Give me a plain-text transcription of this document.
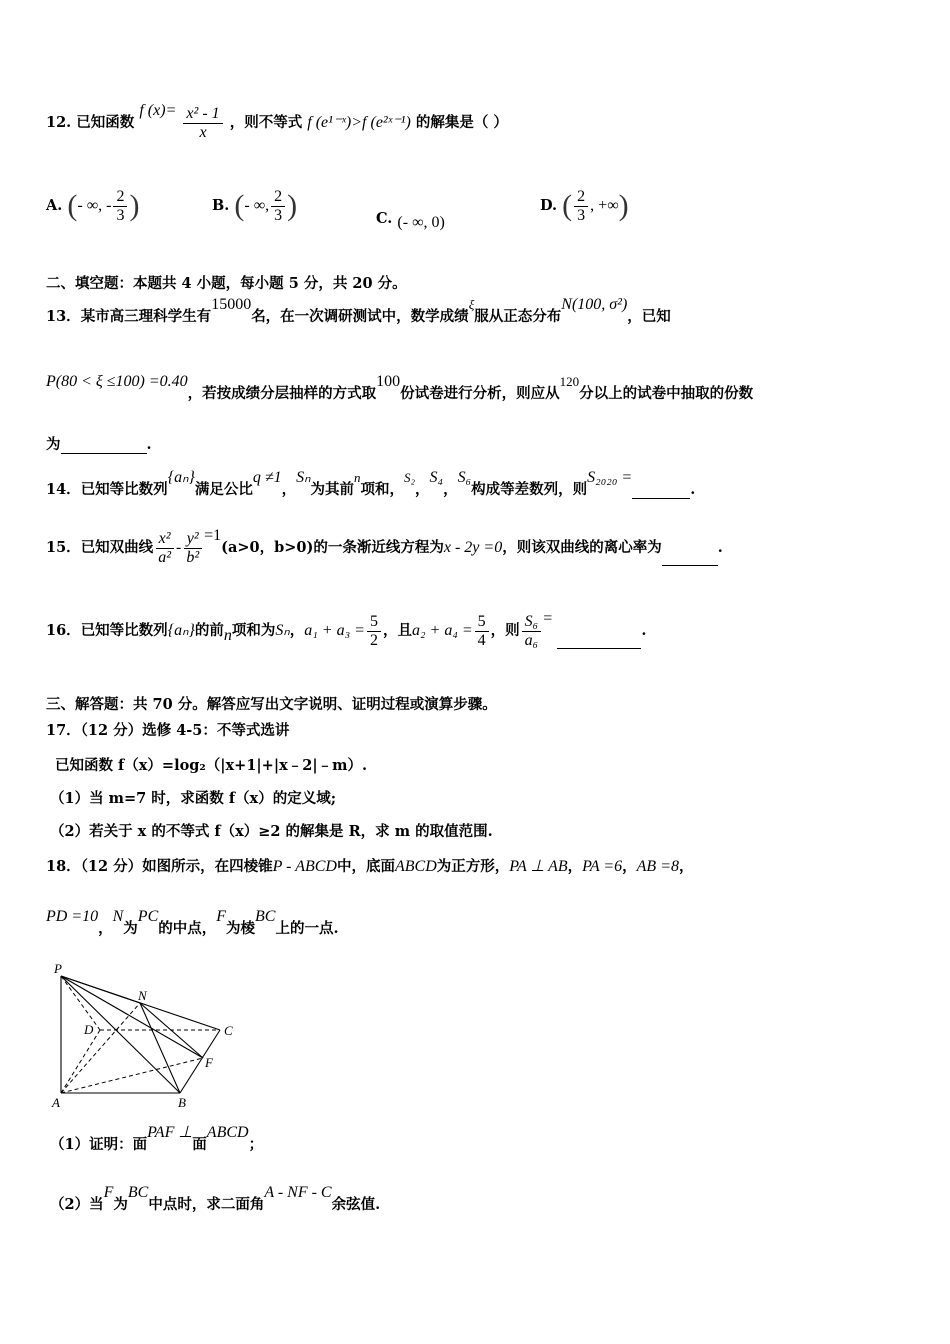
12. 已知函数 f $(x)= \frac{\text{x² - 1}}{x}$ ，则不等式 f (e¹⁻ˣ)>f (e²ˣ⁻¹) 的解集是（ ）
A. (- ∞, - $\frac{2}{3}$ )	B. (- ∞, $\frac{2}{3}$ )	C. (- ∞, 0)
D. ( $\frac{2}{3}$ , +∞)
二、填空题：本题共 4 小题，每小题 5 分，共 20 分。
13．某市高三理科学生有15000名，在一次调研测试中，数学成绩ξ服从正态分布N(100, σ²)，已知
P(80 < ξ ≤100) =0.40，若按成绩分层抽样的方式取100份试卷进行分析，则应从120分以上的试卷中抽取的份数
为	.
14．已知等比数列{aₙ}满足公比q ≠1，Sₙ为其前n项和，S₂，S₄，S₆构成等差数列，则S₂₀₂₀ =.
15．已知双曲线 $\frac{\text{x²}}{\text{a²}} - \frac{\text{y²}}{\text{b²}} =1(a>0$，b>0)的一条渐近线方程为x - 2y =0，则该双曲线的离心率为	.
16．已知等比数列{aₙ}的前n项和为Sₙ，$a_1 + a_3 = \frac{5}{2}$ ，且$a_2 + a_4 = \frac{5}{4}$ ，则 $\frac{\text{S₆}}{\text{a₆}}$ = .
三、解答题：共 70 分。解答应写出文字说明、证明过程或演算步骤。
17．（12 分）选修 4-5：不等式选讲
已知函数 f（x）=log₂（|x+1|+|x﹣2|﹣m）.
（1）当 m=7 时，求函数 f（x）的定义域;
（2）若关于 x 的不等式 f（x）≥2 的解集是 R，求 m 的取值范围.
18．（12 分）如图所示，在四棱锥P - ABCD中，底面ABCD为正方形，PA ⊥ AB，PA =6，AB =8，
PD =10，N为PC的中点，F为棱BC上的一点.
P
N
D	C
F
A	B
（1）证明：面PAF ⊥面ABCD；
（2）当F为BC中点时，求二面角A - NF - C余弦值.
